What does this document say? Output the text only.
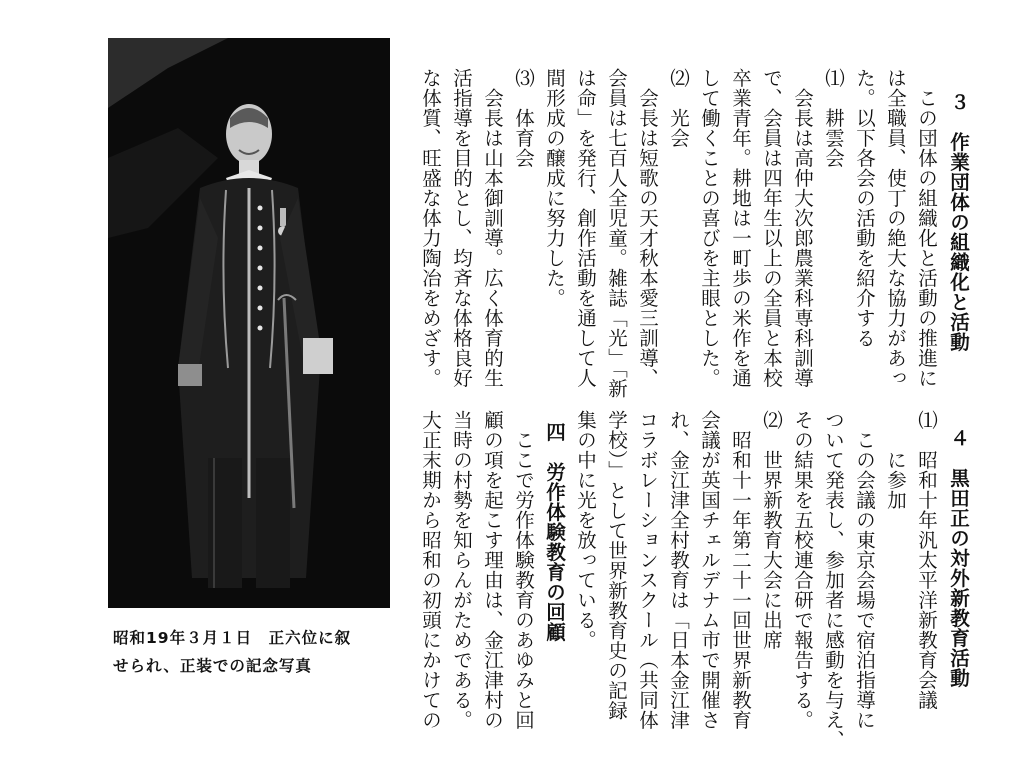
昭和19年３月１日　正六位に叙
せられ、正装での記念写真
３　作業団体の組織化と活動
　この団体の組織化と活動の推進に
は全職員、使丁の絶大な協力があっ
た。以下各会の活動を紹介する
⑴　耕雲会
　会長は高仲大次郎農業科専科訓導
で、会員は四年生以上の全員と本校
卒業青年。耕地は一町歩の米作を通
して働くことの喜びを主眼とした。
⑵　光会
　会長は短歌の天才秋本愛三訓導、
会員は七百人全児童。雑誌「光」「新
は命」を発行、創作活動を通して人
間形成の醸成に努力した。
⑶　体育会
　会長は山本御訓導。広く体育的生
活指導を目的とし、均斉な体格良好
な体質、旺盛な体力陶冶をめざす。
４　黒田正の対外新教育活動
⑴　昭和十年汎太平洋新教育会議
　　に参加
　この会議の東京会場で宿泊指導に
ついて発表し、参加者に感動を与え、
その結果を五校連合研で報告する。
⑵　世界新教育大会に出席
　昭和十一年第二十一回世界新教育
会議が英国チェルデナム市で開催さ
れ、金江津全村教育は「日本金江津
コラボレーションスクール（共同体
学校）」として世界新教育史の記録
集の中に光を放っている。
四　労作体験教育の回顧
　ここで労作体験教育のあゆみと回
顧の項を起こす理由は、金江津村の
当時の村勢を知らんがためである。
大正末期から昭和の初頭にかけての
